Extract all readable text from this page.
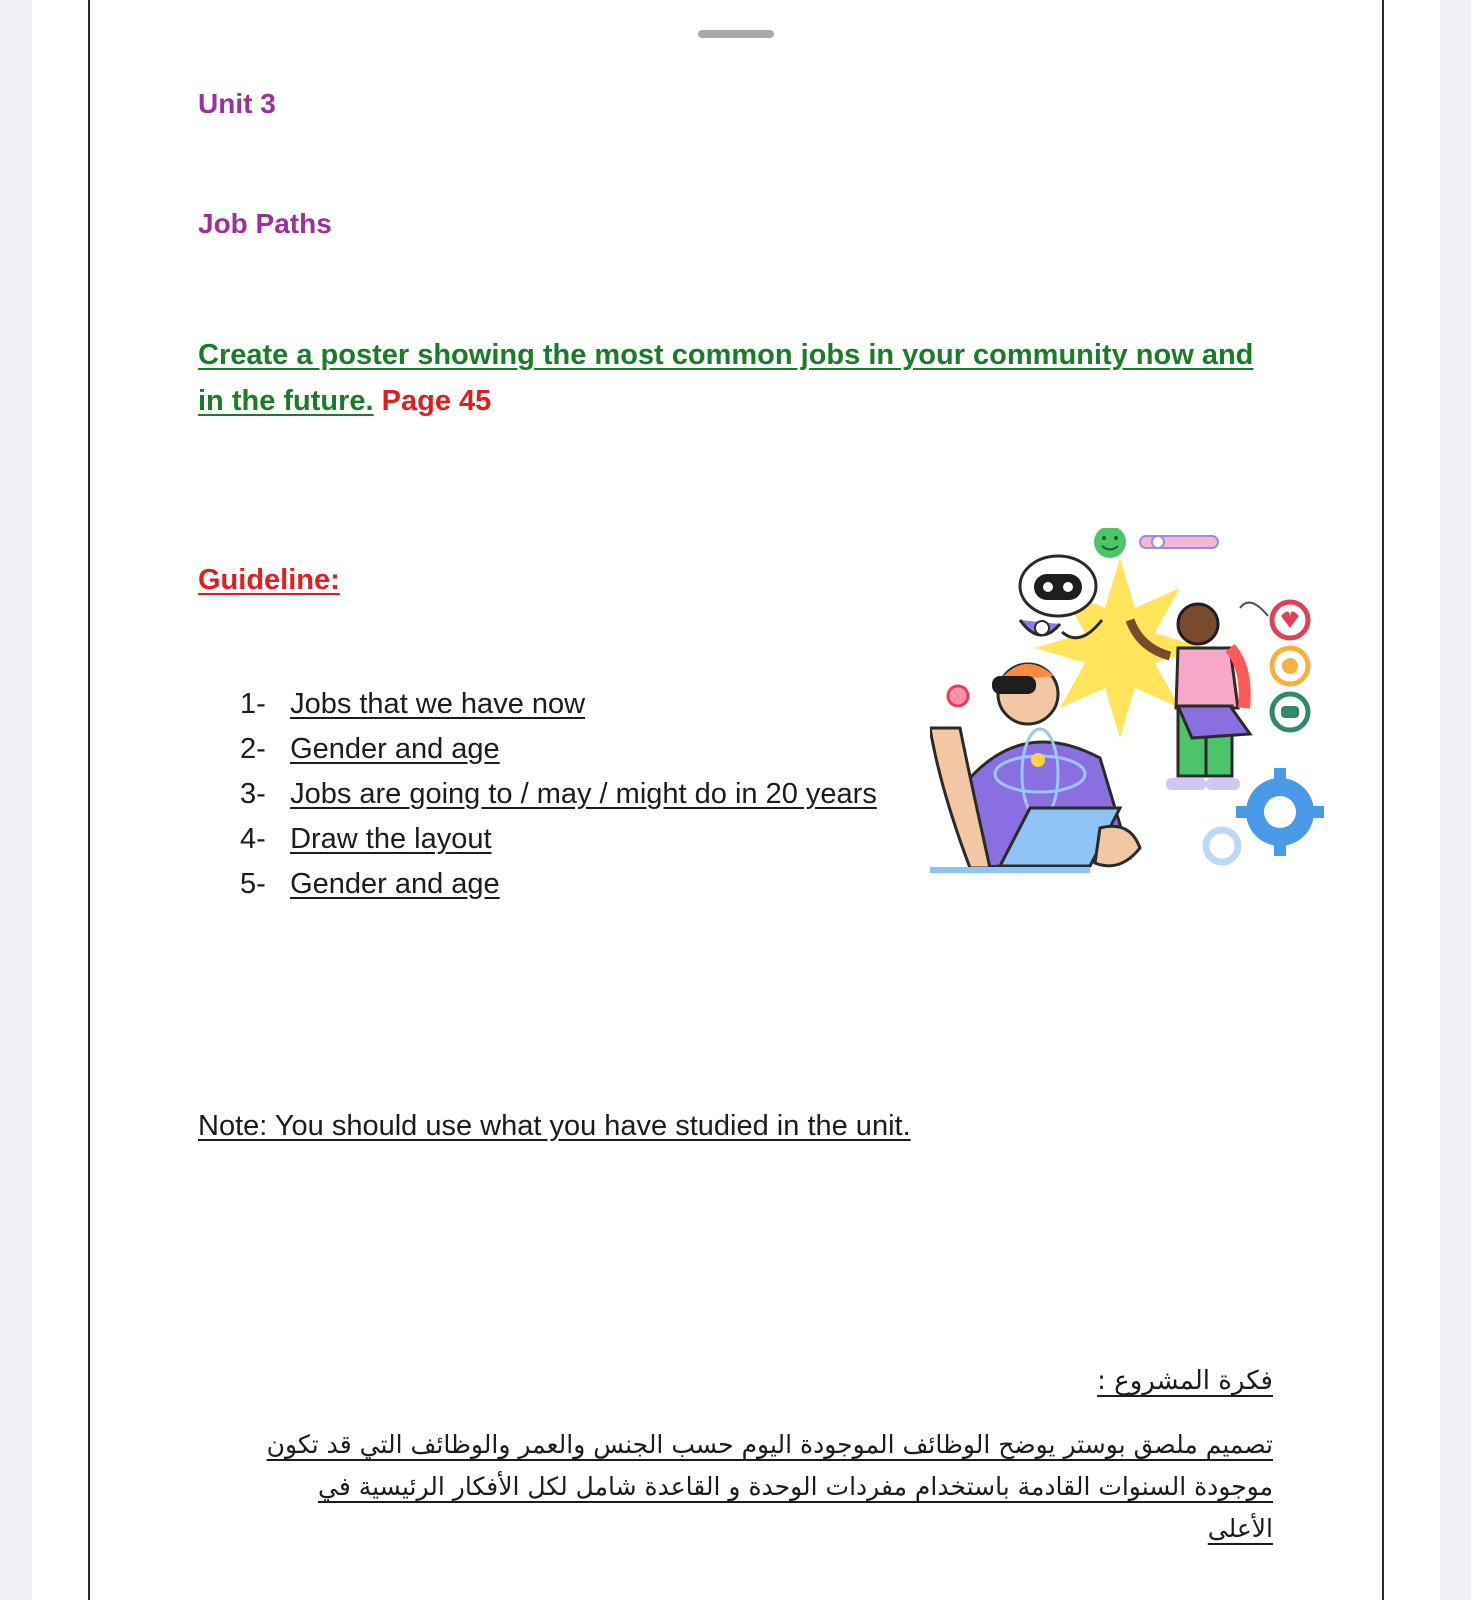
Unit 3
Job Paths
Create a poster showing the most common jobs in your community now and in the future. Page 45
Guideline:
1- Jobs that we have now
2- Gender and age
3- Jobs are going to / may / might do in 20 years
4- Draw the layout
5- Gender and age
Note: You should use what you have studied in the unit.
فكرة المشروع :
تصميم ملصق بوستر يوضح الوظائف الموجودة اليوم حسب الجنس والعمر والوظائف التي قد تكون
موجودة السنوات القادمة باستخدام مفردات الوحدة و القاعدة شامل لكل الأفكار الرئيسية في الأعلى
